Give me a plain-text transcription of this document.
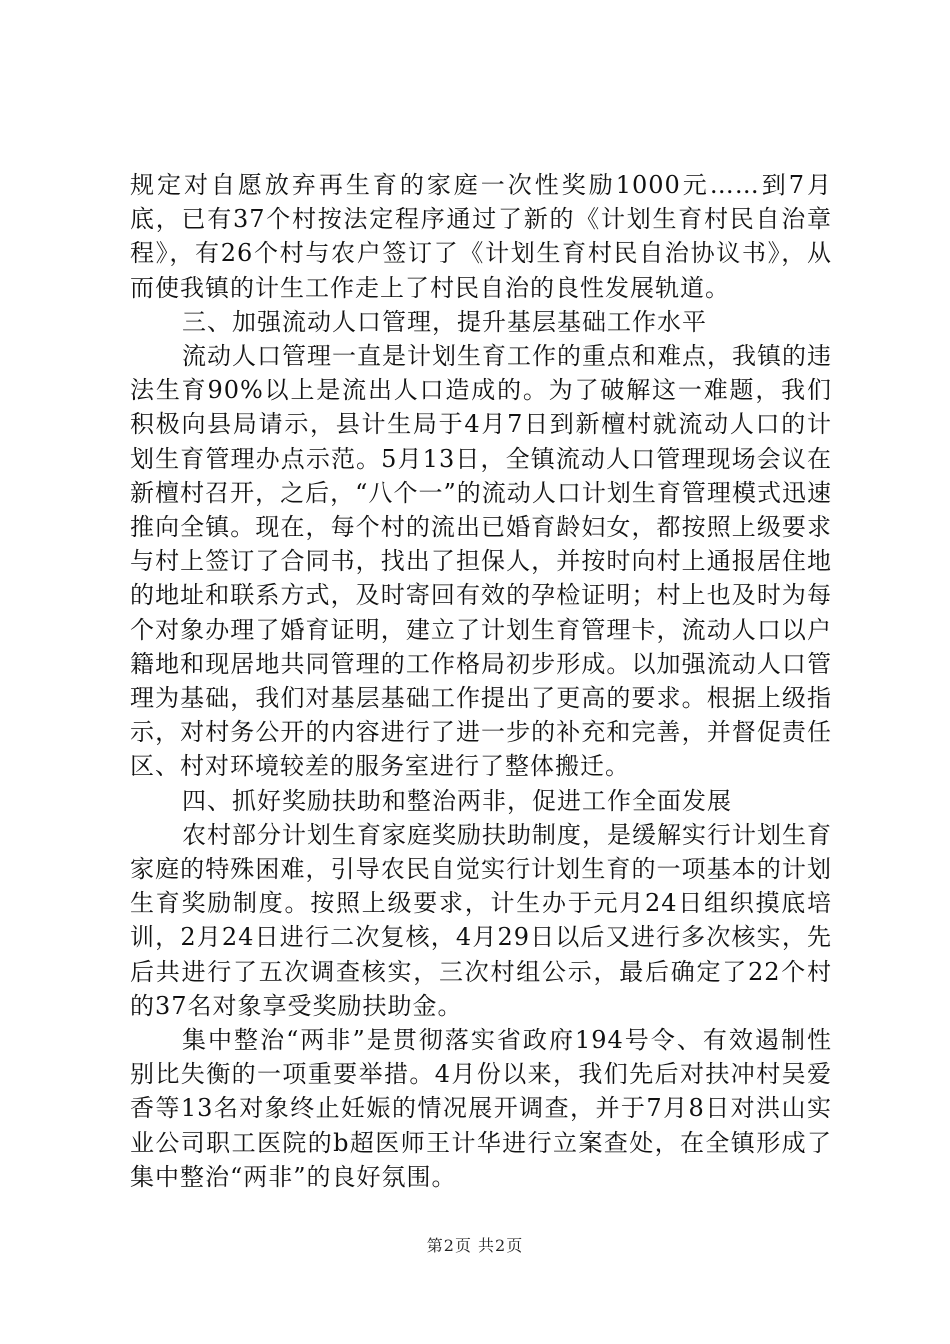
规定对自愿放弃再生育的家庭一次性奖励1000元……到7月底，已有37个村按法定程序通过了新的《计划生育村民自治章程》，有26个村与农户签订了《计划生育村民自治协议书》，从而使我镇的计生工作走上了村民自治的良性发展轨道。

三、加强流动人口管理，提升基层基础工作水平

流动人口管理一直是计划生育工作的重点和难点，我镇的违法生育90%以上是流出人口造成的。为了破解这一难题，我们积极向县局请示，县计生局于4月7日到新檀村就流动人口的计划生育管理办点示范。5月13日，全镇流动人口管理现场会议在新檀村召开，之后，“八个一”的流动人口计划生育管理模式迅速推向全镇。现在，每个村的流出已婚育龄妇女，都按照上级要求与村上签订了合同书，找出了担保人，并按时向村上通报居住地的地址和联系方式，及时寄回有效的孕检证明；村上也及时为每个对象办理了婚育证明，建立了计划生育管理卡，流动人口以户籍地和现居地共同管理的工作格局初步形成。以加强流动人口管理为基础，我们对基层基础工作提出了更高的要求。根据上级指示，对村务公开的内容进行了进一步的补充和完善，并督促责任区、村对环境较差的服务室进行了整体搬迁。

四、抓好奖励扶助和整治两非，促进工作全面发展

农村部分计划生育家庭奖励扶助制度，是缓解实行计划生育家庭的特殊困难，引导农民自觉实行计划生育的一项基本的计划生育奖励制度。按照上级要求，计生办于元月24日组织摸底培训，2月24日进行二次复核，4月29日以后又进行多次核实，先后共进行了五次调查核实，三次村组公示，最后确定了22个村的37名对象享受奖励扶助金。

集中整治“两非”是贯彻落实省政府194号令、有效遏制性别比失衡的一项重要举措。4月份以来，我们先后对扶冲村吴爱香等13名对象终止妊娠的情况展开调查，并于7月8日对洪山实业公司职工医院的b超医师王计华进行立案查处，在全镇形成了集中整治“两非”的良好氛围。

第2页 共2页
